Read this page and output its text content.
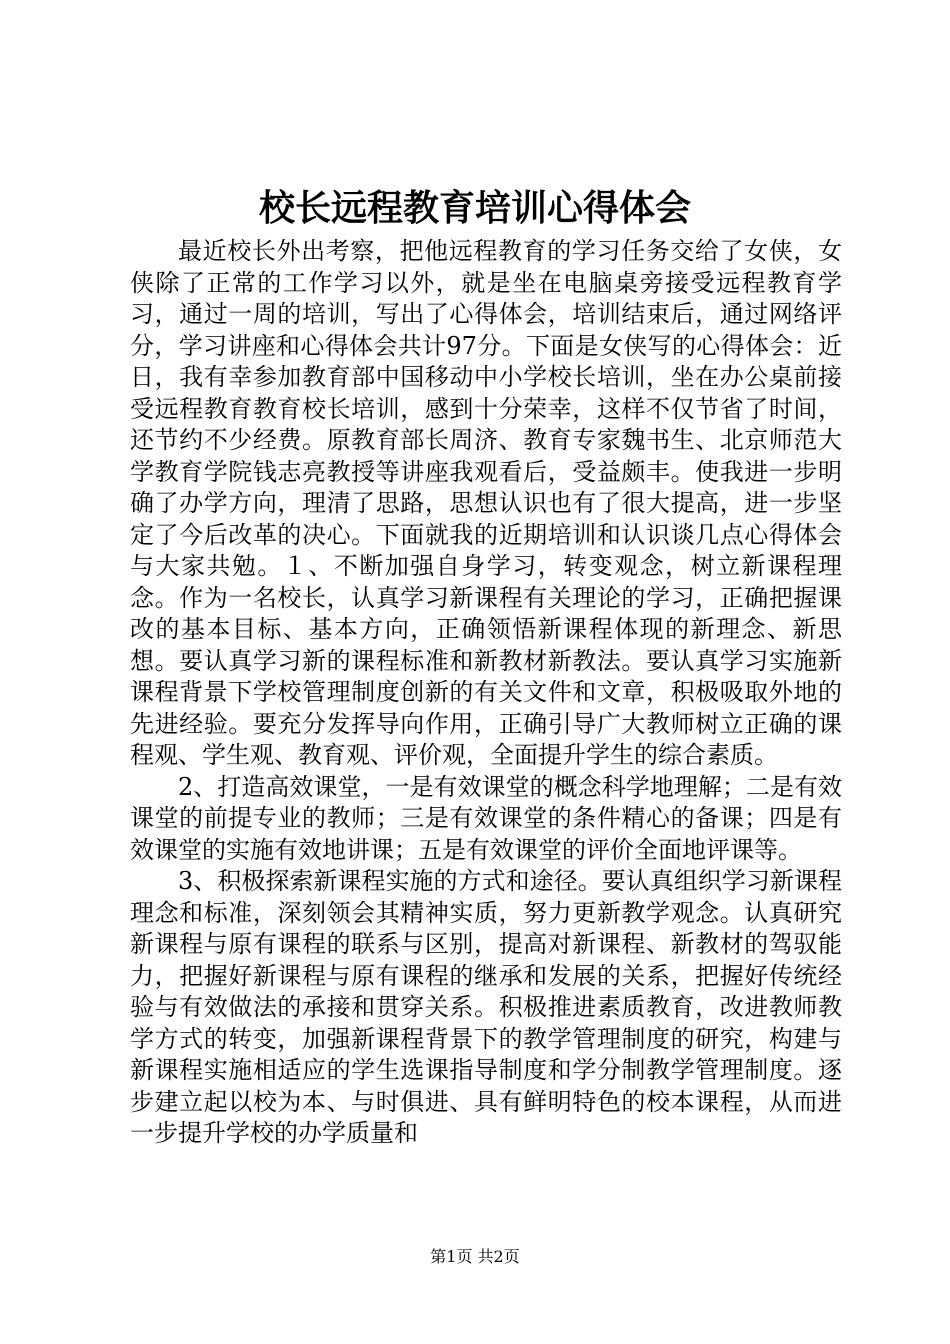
校长远程教育培训心得体会

最近校长外出考察，把他远程教育的学习任务交给了女侠，女侠除了正常的工作学习以外，就是坐在电脑桌旁接受远程教育学习，通过一周的培训，写出了心得体会，培训结束后，通过网络评分，学习讲座和心得体会共计97分。下面是女侠写的心得体会：近日，我有幸参加教育部中国移动中小学校长培训，坐在办公桌前接受远程教育教育校长培训，感到十分荣幸，这样不仅节省了时间，还节约不少经费。原教育部长周济、教育专家魏书生、北京师范大学教育学院钱志亮教授等讲座我观看后，受益颇丰。使我进一步明确了办学方向，理清了思路，思想认识也有了很大提高，进一步坚定了今后改革的决心。下面就我的近期培训和认识谈几点心得体会与大家共勉。１、不断加强自身学习，转变观念，树立新课程理念。作为一名校长，认真学习新课程有关理论的学习，正确把握课改的基本目标、基本方向，正确领悟新课程体现的新理念、新思想。要认真学习新的课程标准和新教材新教法。要认真学习实施新课程背景下学校管理制度创新的有关文件和文章，积极吸取外地的先进经验。要充分发挥导向作用，正确引导广大教师树立正确的课程观、学生观、教育观、评价观，全面提升学生的综合素质。

2、打造高效课堂，一是有效课堂的概念科学地理解；二是有效课堂的前提专业的教师；三是有效课堂的条件精心的备课；四是有效课堂的实施有效地讲课；五是有效课堂的评价全面地评课等。

3、积极探索新课程实施的方式和途径。要认真组织学习新课程理念和标准，深刻领会其精神实质，努力更新教学观念。认真研究新课程与原有课程的联系与区别，提高对新课程、新教材的驾驭能力，把握好新课程与原有课程的继承和发展的关系，把握好传统经验与有效做法的承接和贯穿关系。积极推进素质教育，改进教师教学方式的转变，加强新课程背景下的教学管理制度的研究，构建与新课程实施相适应的学生选课指导制度和学分制教学管理制度。逐步建立起以校为本、与时俱进、具有鲜明特色的校本课程，从而进一步提升学校的办学质量和

第1页 共2页
